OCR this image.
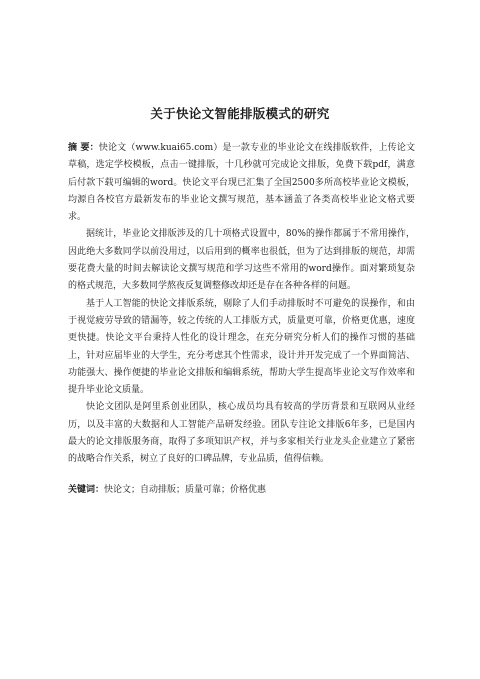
关于快论文智能排版模式的研究

摘 要：快论文（www.kuai65.com）是一款专业的毕业论文在线排版软件，上传论文草稿，选定学校模板，点击一键排版，十几秒就可完成论文排版，免费下载pdf，满意后付款下载可编辑的word。快论文平台现已汇集了全国2500多所高校毕业论文模板，均源自各校官方最新发布的毕业论文撰写规范，基本涵盖了各类高校毕业论文格式要求。

据统计，毕业论文排版涉及的几十项格式设置中，80%的操作都属于不常用操作，因此绝大多数同学以前没用过，以后用到的概率也很低，但为了达到排版的规范，却需要花费大量的时间去解读论文撰写规范和学习这些不常用的word操作。面对繁琐复杂的格式规范，大多数同学熬夜反复调整修改却还是存在各种各样的问题。

基于人工智能的快论文排版系统，剔除了人们手动排版时不可避免的误操作，和由于视觉疲劳导致的错漏等，较之传统的人工排版方式，质量更可靠，价格更优惠，速度更快捷。快论文平台秉持人性化的设计理念，在充分研究分析人们的操作习惯的基础上，针对应届毕业的大学生，充分考虑其个性需求，设计并开发完成了一个界面简洁、功能强大、操作便捷的毕业论文排版和编辑系统，帮助大学生提高毕业论文写作效率和提升毕业论文质量。

快论文团队是阿里系创业团队，核心成员均具有较高的学历背景和互联网从业经历，以及丰富的大数据和人工智能产品研发经验。团队专注论文排版6年多，已是国内最大的论文排版服务商，取得了多项知识产权，并与多家相关行业龙头企业建立了紧密的战略合作关系，树立了良好的口碑品牌，专业品质，值得信赖。

关键词：快论文；自动排版；质量可靠；价格优惠
